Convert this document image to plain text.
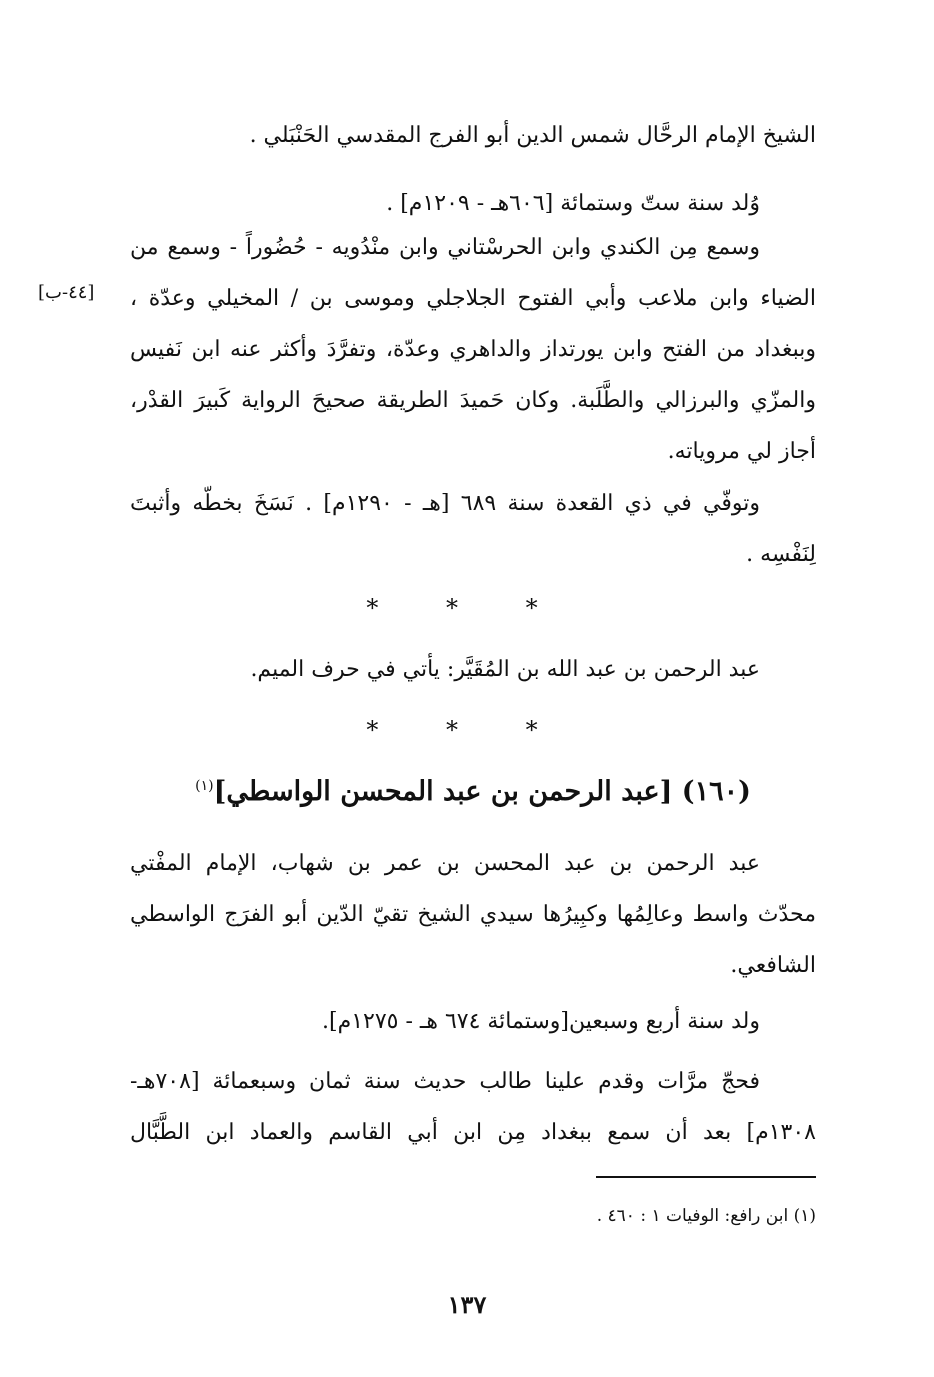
الشيخ الإمام الرحَّال شمس الدين أبو الفرج المقدسي الحَنْبَلي .
وُلد سنة ستّ وستمائة [٦٠٦هـ - ١٢٠٩م] .
وسمع مِن الكندي وابن الحرسْتاني وابن منْدُويه - حُضُوراً - وسمع من
الضياء وابن ملاعب وأبي الفتوح الجلاجلي وموسى بن / المخيلي وعدّة ،
وببغداد من الفتح وابن يورتداز والداهري وعدّة، وتفرَّدَ وأكثر عنه ابن نَفيس
والمزّي والبرزالي والطَّلَبة. وكان حَميدَ الطريقة صحيحَ الرواية كَبيرَ القدْر،
أجاز لي مروياته.
[٤٤-ب]
وتوفّي في ذي القعدة سنة ٦٨٩ [هـ - ١٢٩٠م] . نَسَخَ بخطّه وأثبتَ
لِنَفْسِه .
* * *
عبد الرحمن بن عبد الله بن المُقَيَّر: يأتي في حرف الميم.
* * *
(١٦٠) [عبد الرحمن بن عبد المحسن الواسطي]$^{(١)}$
عبد الرحمن بن عبد المحسن بن عمر بن شهاب، الإمام المفْتي
محدّث واسط وعالِمُها وكبِيرُها سيدي الشيخ تقيّ الدّين أبو الفرَج الواسطي
الشافعي.
ولد سنة أربع وسبعين[وستمائة ٦٧٤ هـ - ١٢٧٥م].
فحجّ مرَّات وقدم علينا طالب حديث سنة ثمان وسبعمائة [٧٠٨هـ-
١٣٠٨م] بعد أن سمع ببغداد مِن ابن أبي القاسم والعماد ابن الطَّبَّال
(١) ابن رافع: الوفيات ١ : ٤٦٠ .
١٣٧
